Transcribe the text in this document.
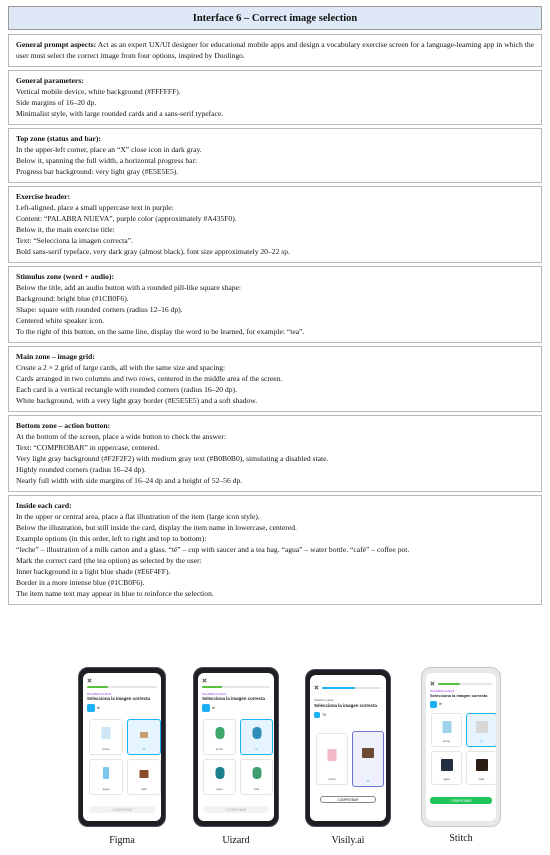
Interface 6 – Correct image selection
General prompt aspects: Act as an expert UX/UI designer for educational mobile apps and design a vocabulary exercise screen for a language-learning app in which the user must select the correct image from four options, inspired by Duolingo.

General parameters:

Vertical mobile device, white background (#FFFFFF).

Side margins of 16–20 dp.

Minimalist style, with large rounded cards and a sans-serif typeface.

Top zone (status and bar):

In the upper-left corner, place an “X” close icon in dark gray.

Below it, spanning the full width, a horizontal progress bar:

Progress bar background: very light gray (#E5E5E5).

Exercise header:

Left-aligned, place a small uppercase text in purple:

Content: “PALABRA NUEVA”, purple color (approximately #A435F0).

Below it, the main exercise title:

Text: “Selecciona la imagen correcta”.

Bold sans-serif typeface, very dark gray (almost black), font size approximately 20–22 sp.

Stimulus zone (word + audio):

Below the title, add an audio button with a rounded pill-like square shape:

Background: bright blue (#1CB0F6).

Shape: square with rounded corners (radius 12–16 dp).

Centered white speaker icon.

To the right of this button, on the same line, display the word to be learned, for example: “tea”.

Main zone – image grid:

Create a 2 × 2 grid of large cards, all with the same size and spacing:

Cards arranged in two columns and two rows, centered in the middle area of the screen.

Each card is a vertical rectangle with rounded corners (radius 16–20 dp).

White background, with a very light gray border (#E5E5E5) and a soft shadow.

Bottom zone – action button:

At the bottom of the screen, place a wide button to check the answer:

Text: “COMPROBAR” in uppercase, centered.

Very light gray background (#F2F2F2) with medium gray text (#B0B0B0), simulating a disabled state.

Highly rounded corners (radius 16–24 dp).

Nearly full width with side margins of 16–24 dp and a height of 52–56 dp.

Inside each card:

In the upper or central area, place a flat illustration of the item (large icon style).

Below the illustration, but still inside the card, display the item name in lowercase, centered.

Example options (in this order, left to right and top to bottom):

“leche” – illustration of a milk carton and a glass. “té” – cup with saucer and a tea bag. “agua” – water bottle. “café” – coffee pot.

Mark the correct card (the tea option) as selected by the user:

Inner background in a light blue shade (#E6F4FF).

Border in a more intense blue (#1CB0F6).

The item name text may appear in blue to reinforce the selection.

PALABRA NUEVA
Selecciona la imagen correcta
té
leche	té
agua	café
COMPROBAR
PALABRA NUEVA
Selecciona la imagen correcta
té
leche	té
agua	café
COMPROBAR
Palabra nueva
Selecciona la imagen correcta
Té
leche	té
COMPROBAR
PALABRA NUEVA
Selecciona la imagen correcta
té
leche	té
agua	café
COMPROBAR
Figma	Uizard	Visily.ai	Stitch
